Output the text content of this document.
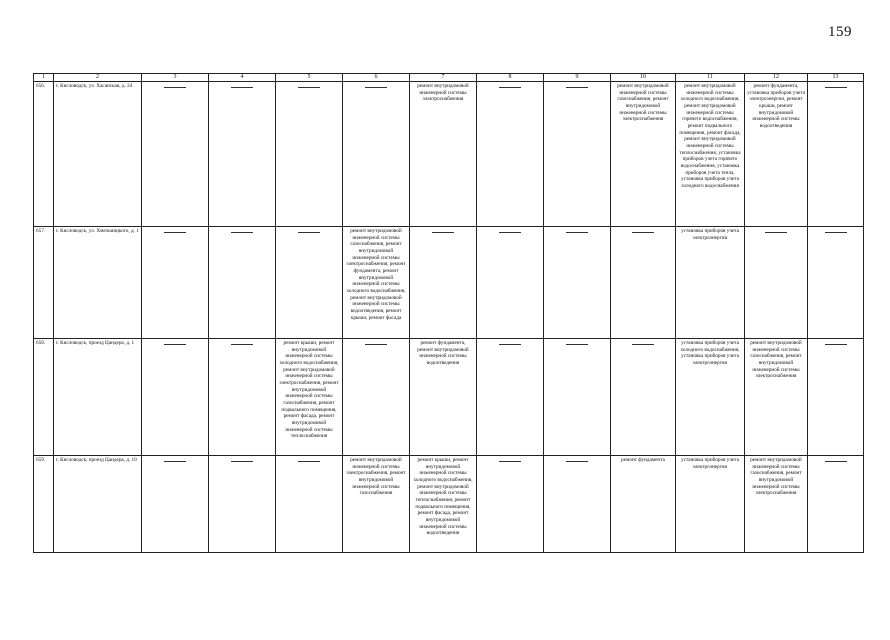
159
1	2	3	4	5	6	7	8	9	10	11	12	13
656.	г. Кисловодск, ул. Хасанская, д. 24					ремонт внутридомовой инженерной системы электроснабжения			ремонт внутридомовой инженерной системы газоснабжения, ремонт внутридомовой инженерной системы электроснабжения	ремонт внутридомовой инженерной системы холодного водоснабжения, ремонт внутридомовой инженерной системы горячего водоснабжения, ремонт подвального помещения, ремонт фасада, ремонт внутридомовой инженерной системы теплоснабжения, установка приборов учета горячего водоснабжения, установка приборов учета тепла, установка приборов учета холодного водоснабжения	ремонт фундамента, установка приборов учета электроэнергии, ремонт крыши, ремонт внутридомовой инженерной системы водоотведения	

657.	г. Кисловодск, ул. Хмельницкого, д. 1				ремонт внутридомовой инженерной системы газоснабжения, ремонт внутридомовой инженерной системы электроснабжения, ремонт фундамента, ремонт внутридомовой инженерной системы холодного водоснабжения, ремонт внутридомовой инженерной системы водоотведения, ремонт крыши, ремонт фасада					установка приборов учета электроэнергии	

658.	г. Кисловодск, проезд Цандера, д. 1			ремонт крыши, ремонт внутридомовой инженерной системы холодного водоснабжения, ремонт внутридомовой инженерной системы электроснабжения, ремонт внутридомовой инженерной системы газоснабжения, ремонт подвального помещения, ремонт фасада, ремонт внутридомовой инженерной системы теплоснабжения		ремонт фундамента, ремонт внутридомовой инженерной системы водоотведения				установка приборов учета холодного водоснабжения, установка приборов учета электроэнергии	ремонт внутридомовой инженерной системы газоснабжения, ремонт внутридомовой инженерной системы электроснабжения	

659.	г. Кисловодск, проезд Цандера, д. 10				ремонт внутридомовой инженерной системы электроснабжения, ремонт внутридомовой инженерной системы газоснабжения	ремонт крыши, ремонт внутридомовой инженерной системы холодного водоснабжения, ремонт внутридомовой инженерной системы теплоснабжения, ремонт подвального помещения, ремонт фасада, ремонт внутридомовой инженерной системы водоотведения			ремонт фундамента	установка приборов учета электроэнергии	ремонт внутридомовой инженерной системы газоснабжения, ремонт внутридомовой инженерной системы электроснабжения	
